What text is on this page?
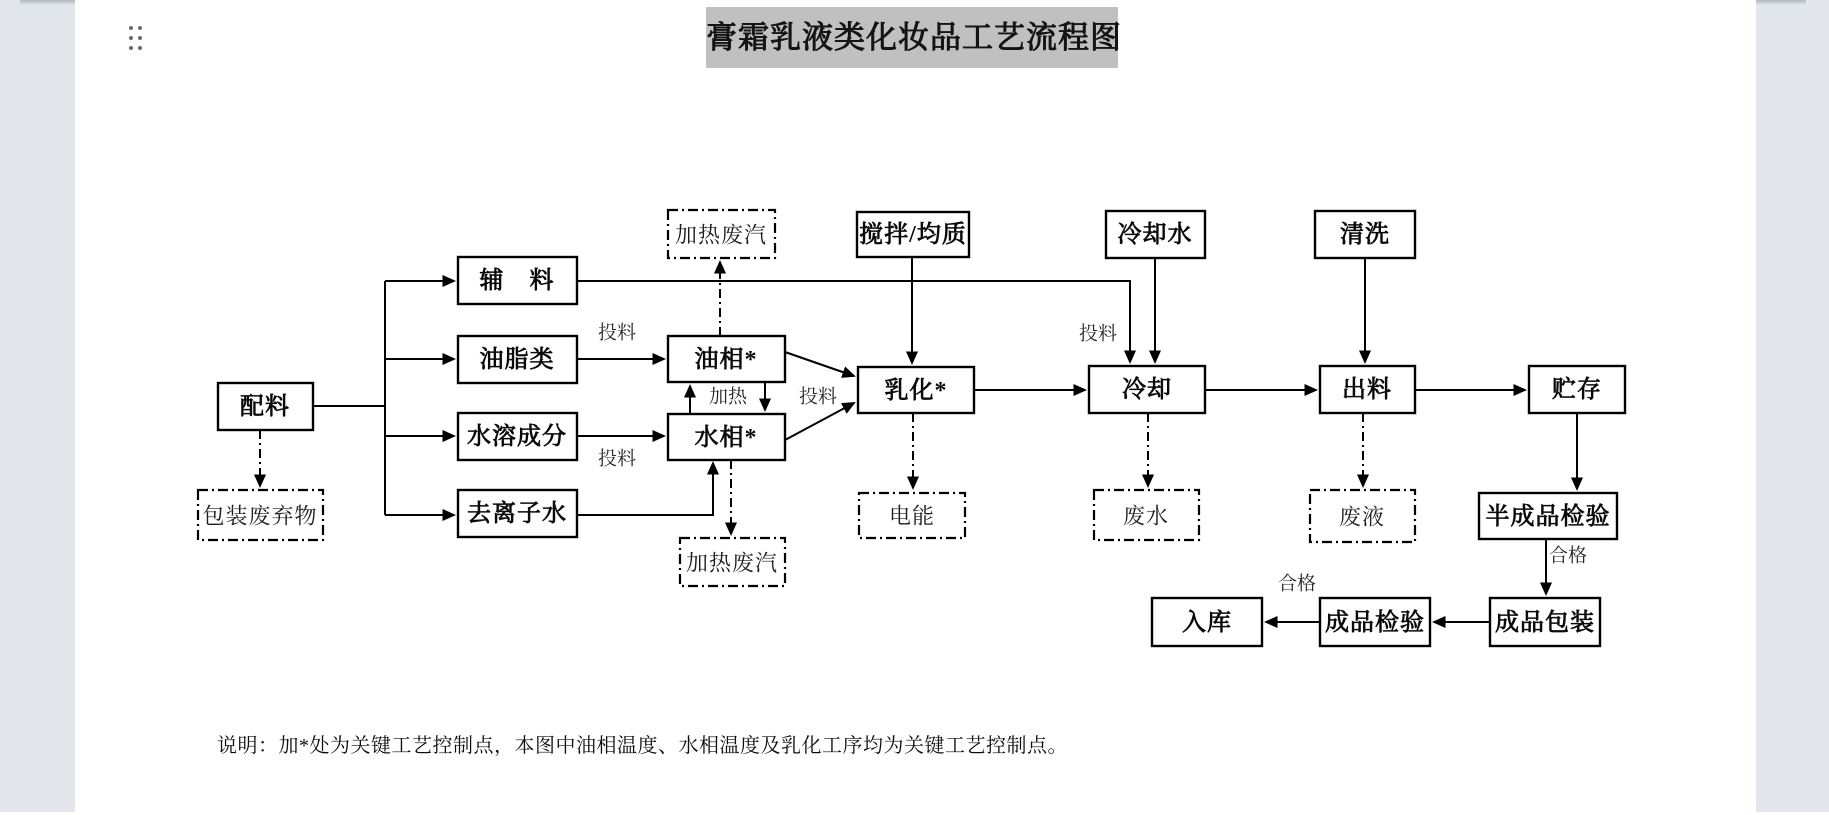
膏霜乳液类化妆品工艺流程图
配料
包装废弃物
辅　料
油脂类
水溶成分
去离子水
油相*
水相*
加热废汽
加热废汽
搅拌/均质
乳化*
电能
冷却水
冷却
废水
清洗
出料
废液
贮存
半成品检验
成品包装
成品检验
入库
投料
投料
加热	投料
投料
合格
合格
说明：加*处为关键工艺控制点，本图中油相温度、水相温度及乳化工序均为关键工艺控制点。
